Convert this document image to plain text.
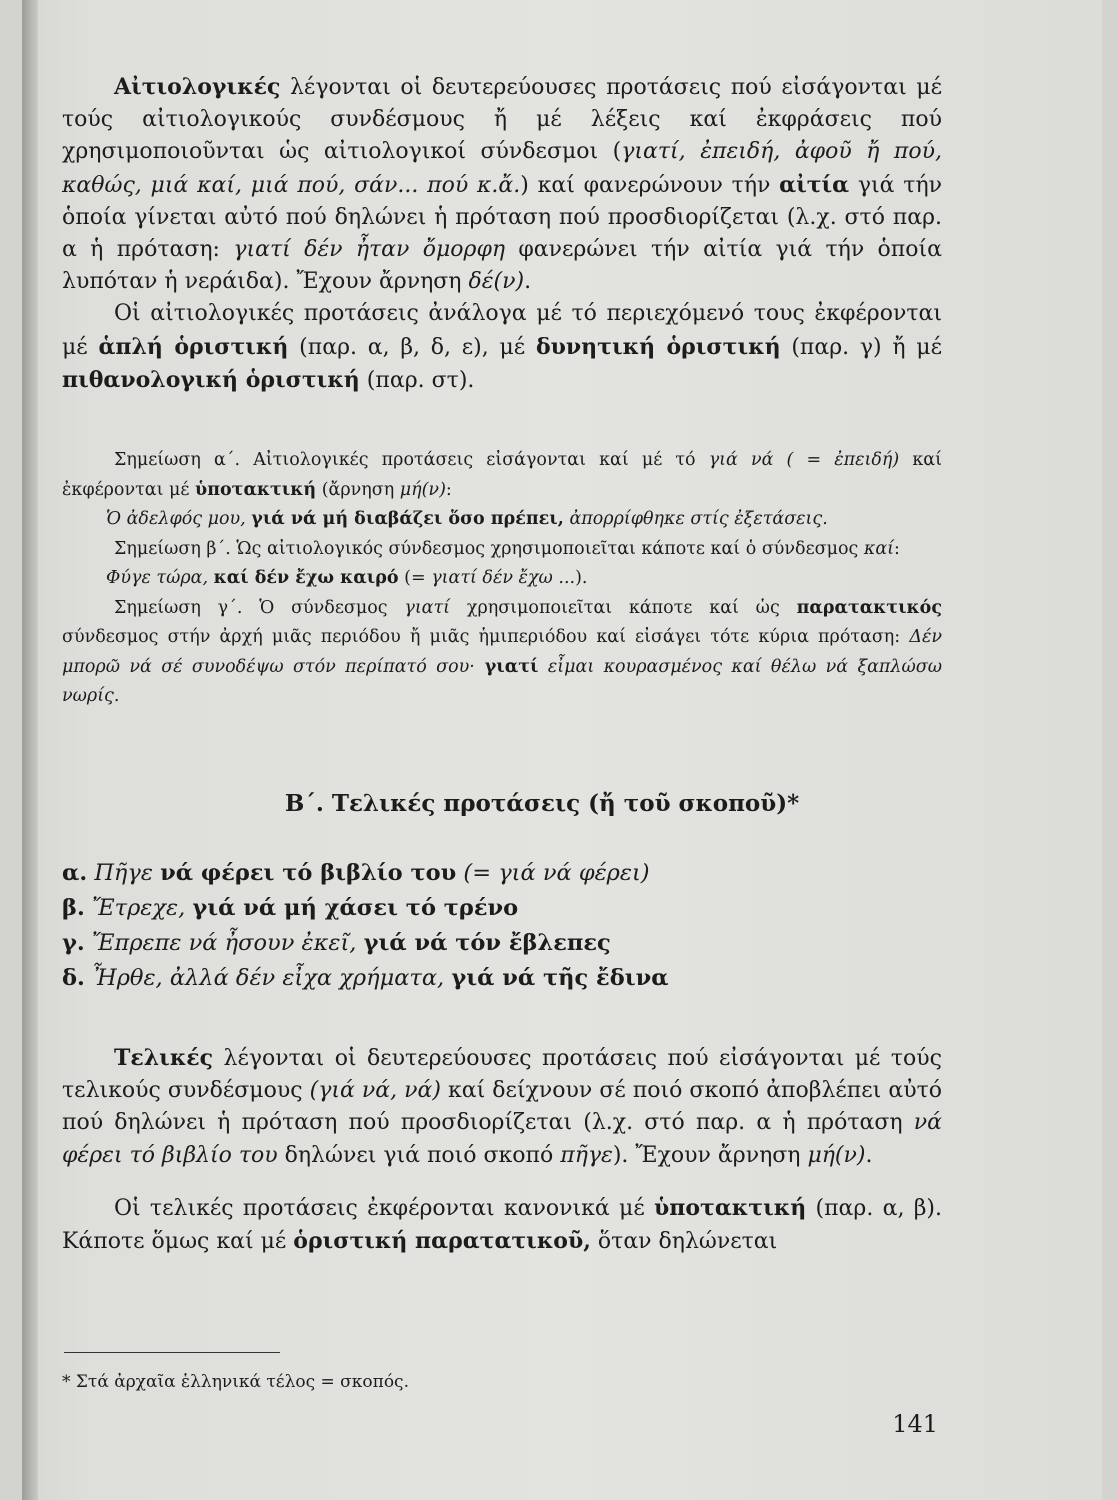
Αἰτιολογικές λέγονται οἱ δευτερεύουσες προτάσεις πού εἰσάγονται μέ τούς αἰτιολογικούς συνδέσμους ἤ μέ λέξεις καί ἐκφράσεις πού χρησιμοποιοῦνται ὡς αἰτιολογικοί σύνδεσμοι (γιατί, ἐπειδή, ἀφοῦ ἤ πού, καθώς, μιά καί, μιά πού, σάν... πού κ.ἄ.) καί φανερώνουν τήν αἰτία γιά τήν ὁποία γίνεται αὐτό πού δηλώνει ἡ πρόταση πού προσδιορίζεται (λ.χ. στό παρ. α ἡ πρόταση: γιατί δέν ἦταν ὄμορφη φανερώνει τήν αἰτία γιά τήν ὁποία λυπόταν ἡ νεράιδα). Ἔχουν ἄρνηση δέ(ν).

Οἱ αἰτιολογικές προτάσεις ἀνάλογα μέ τό περιεχόμενό τους ἐκφέρονται μέ ἁπλή ὁριστική (παρ. α, β, δ, ε), μέ δυνητική ὁριστική (παρ. γ) ἤ μέ πιθανολογική ὁριστική (παρ. στ).

Σημείωση α΄. Αἰτιολογικές προτάσεις εἰσάγονται καί μέ τό γιά νά ( = ἐπειδή) καί ἐκφέρονται μέ ὑποτακτική (ἄρνηση μή(ν):

Ὁ ἀδελφός μου, γιά νά μή διαβάζει ὅσο πρέπει, ἀπορρίφθηκε στίς ἐξετάσεις.

Σημείωση β΄. Ὡς αἰτιολογικός σύνδεσμος χρησιμοποιεῖται κάποτε καί ὁ σύνδεσμος καί:

Φύγε τώρα, καί δέν ἔχω καιρό (= γιατί δέν ἔχω ...).

Σημείωση γ΄. Ὁ σύνδεσμος γιατί χρησιμοποιεῖται κάποτε καί ὡς παρατακτικός σύνδεσμος στήν ἀρχή μιᾶς περιόδου ἤ μιᾶς ἡμιπεριόδου καί εἰσάγει τότε κύρια πρόταση: Δέν μπορῶ νά σέ συνοδέψω στόν περίπατό σου· γιατί εἶμαι κουρασμένος καί θέλω νά ξαπλώσω νωρίς.

Β΄. Τελικές προτάσεις (ἤ τοῦ σκοποῦ)*
α. Πῆγε νά φέρει τό βιβλίο του (= γιά νά φέρει)
β. Ἔτρεχε, γιά νά μή χάσει τό τρένο
γ. Ἔπρεπε νά ἦσουν ἐκεῖ, γιά νά τόν ἔβλεπες
δ. Ἦρθε, ἀλλά δέν εἶχα χρήματα, γιά νά τῆς ἔδινα

Τελικές λέγονται οἱ δευτερεύουσες προτάσεις πού εἰσάγονται μέ τούς τελικούς συνδέσμους (γιά νά, νά) καί δείχνουν σέ ποιό σκοπό ἀποβλέπει αὐτό πού δηλώνει ἡ πρόταση πού προσδιορίζεται (λ.χ. στό παρ. α ἡ πρόταση νά φέρει τό βιβλίο του δηλώνει γιά ποιό σκοπό πῆγε). Ἔχουν ἄρνηση μή(ν).

Οἱ τελικές προτάσεις ἐκφέρονται κανονικά μέ ὑποτακτική (παρ. α, β). Κάποτε ὅμως καί μέ ὁριστική παρατατικοῦ, ὅταν δηλώνεται

* Στά ἀρχαῖα ἑλληνικά τέλος = σκοπός.
141
